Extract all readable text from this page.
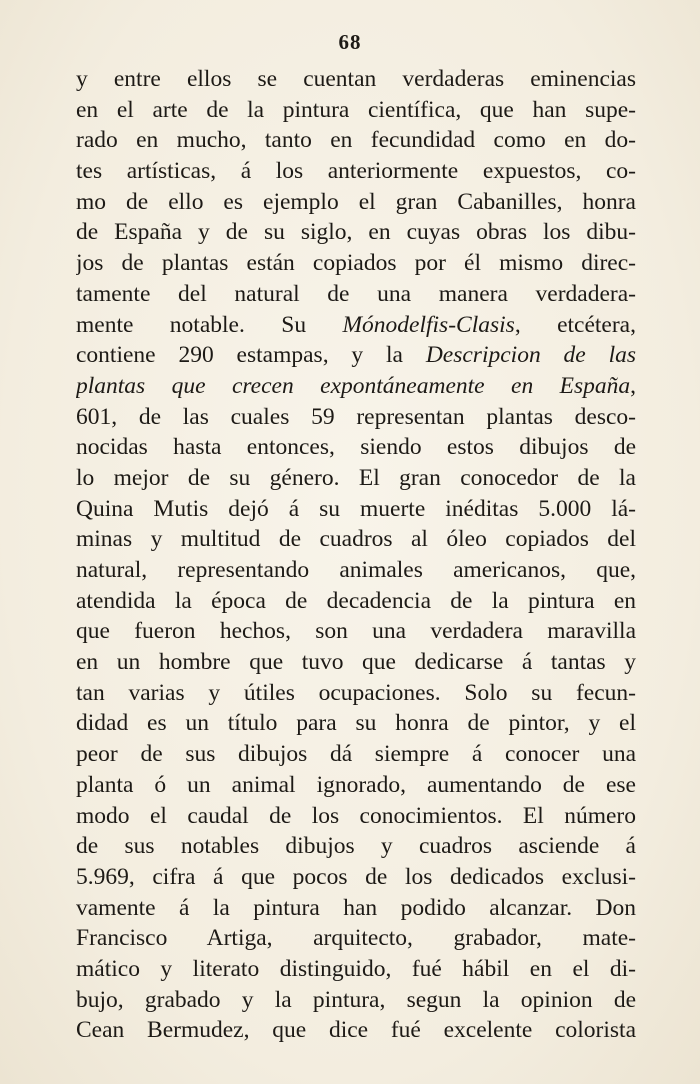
68
y entre ellos se cuentan verdaderas eminencias
en el arte de la pintura científica, que han supe-
rado en mucho, tanto en fecundidad como en do-
tes artísticas, á los anteriormente expuestos, co-
mo de ello es ejemplo el gran Cabanilles, honra
de España y de su siglo, en cuyas obras los dibu-
jos de plantas están copiados por él mismo direc-
tamente del natural de una manera verdadera-
mente notable. Su Mónodelfis-Clasis, etcétera,
contiene 290 estampas, y la Descripcion de las
plantas que crecen expontáneamente en España,
601, de las cuales 59 representan plantas desco-
nocidas hasta entonces, siendo estos dibujos de
lo mejor de su género. El gran conocedor de la
Quina Mutis dejó á su muerte inéditas 5.000 lá-
minas y multitud de cuadros al óleo copiados del
natural, representando animales americanos, que,
atendida la época de decadencia de la pintura en
que fueron hechos, son una verdadera maravilla
en un hombre que tuvo que dedicarse á tantas y
tan varias y útiles ocupaciones. Solo su fecun-
didad es un título para su honra de pintor, y el
peor de sus dibujos dá siempre á conocer una
planta ó un animal ignorado, aumentando de ese
modo el caudal de los conocimientos. El número
de sus notables dibujos y cuadros asciende á
5.969, cifra á que pocos de los dedicados exclusi-
vamente á la pintura han podido alcanzar. Don
Francisco Artiga, arquitecto, grabador, mate-
mático y literato distinguido, fué hábil en el di-
bujo, grabado y la pintura, segun la opinion de
Cean Bermudez, que dice fué excelente colorista
